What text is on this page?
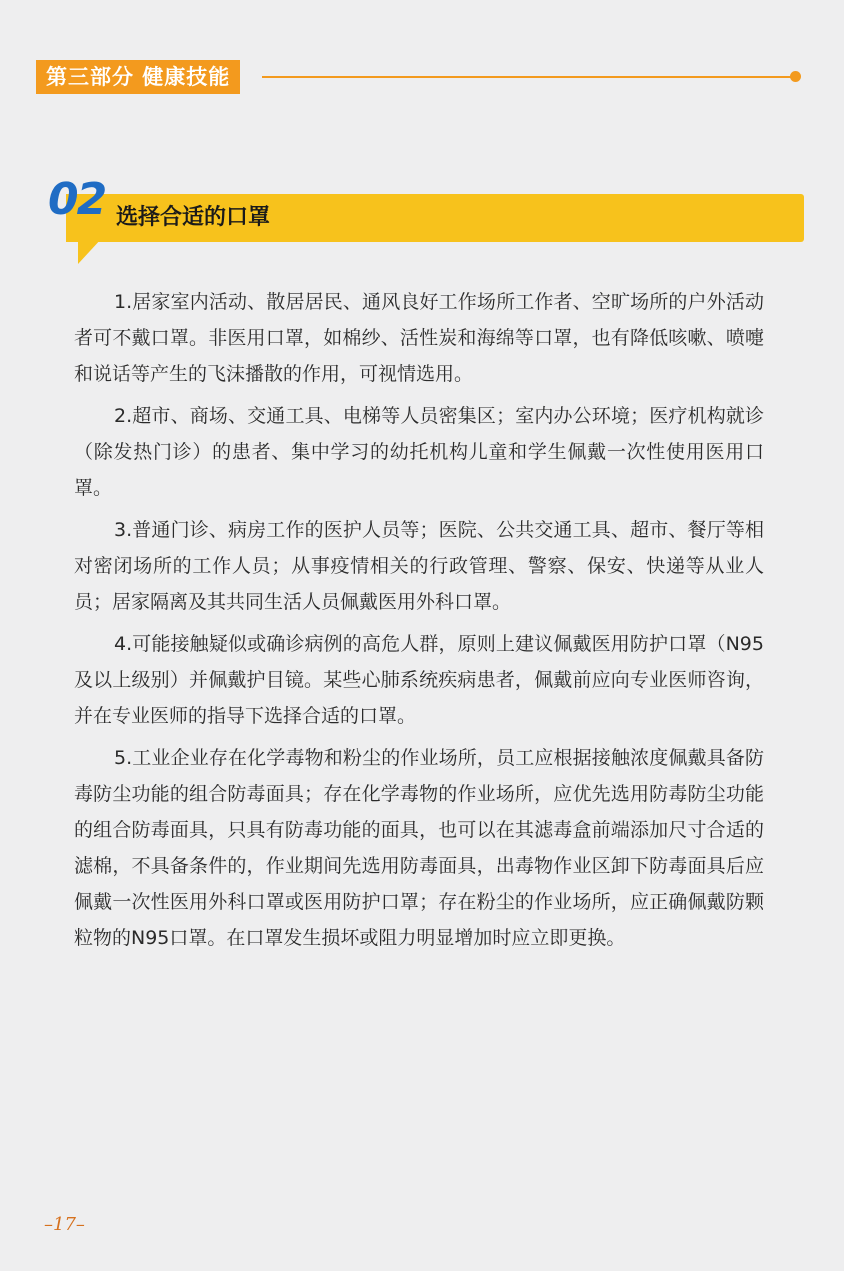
第三部分 健康技能
02 选择合适的口罩

1.居家室内活动、散居居民、通风良好工作场所工作者、空旷场所的户外活动者可不戴口罩。非医用口罩，如棉纱、活性炭和海绵等口罩，也有降低咳嗽、喷嚏和说话等产生的飞沫播散的作用，可视情选用。

2.超市、商场、交通工具、电梯等人员密集区；室内办公环境；医疗机构就诊（除发热门诊）的患者、集中学习的幼托机构儿童和学生佩戴一次性使用医用口罩。

3.普通门诊、病房工作的医护人员等；医院、公共交通工具、超市、餐厅等相对密闭场所的工作人员；从事疫情相关的行政管理、警察、保安、快递等从业人员；居家隔离及其共同生活人员佩戴医用外科口罩。

4.可能接触疑似或确诊病例的高危人群，原则上建议佩戴医用防护口罩（N95及以上级别）并佩戴护目镜。某些心肺系统疾病患者，佩戴前应向专业医师咨询，并在专业医师的指导下选择合适的口罩。

5.工业企业存在化学毒物和粉尘的作业场所，员工应根据接触浓度佩戴具备防毒防尘功能的组合防毒面具；存在化学毒物的作业场所，应优先选用防毒防尘功能的组合防毒面具，只具有防毒功能的面具，也可以在其滤毒盒前端添加尺寸合适的滤棉，不具备条件的，作业期间先选用防毒面具，出毒物作业区卸下防毒面具后应佩戴一次性医用外科口罩或医用防护口罩；存在粉尘的作业场所，应正确佩戴防颗粒物的N95口罩。在口罩发生损坏或阻力明显增加时应立即更换。

–17–
